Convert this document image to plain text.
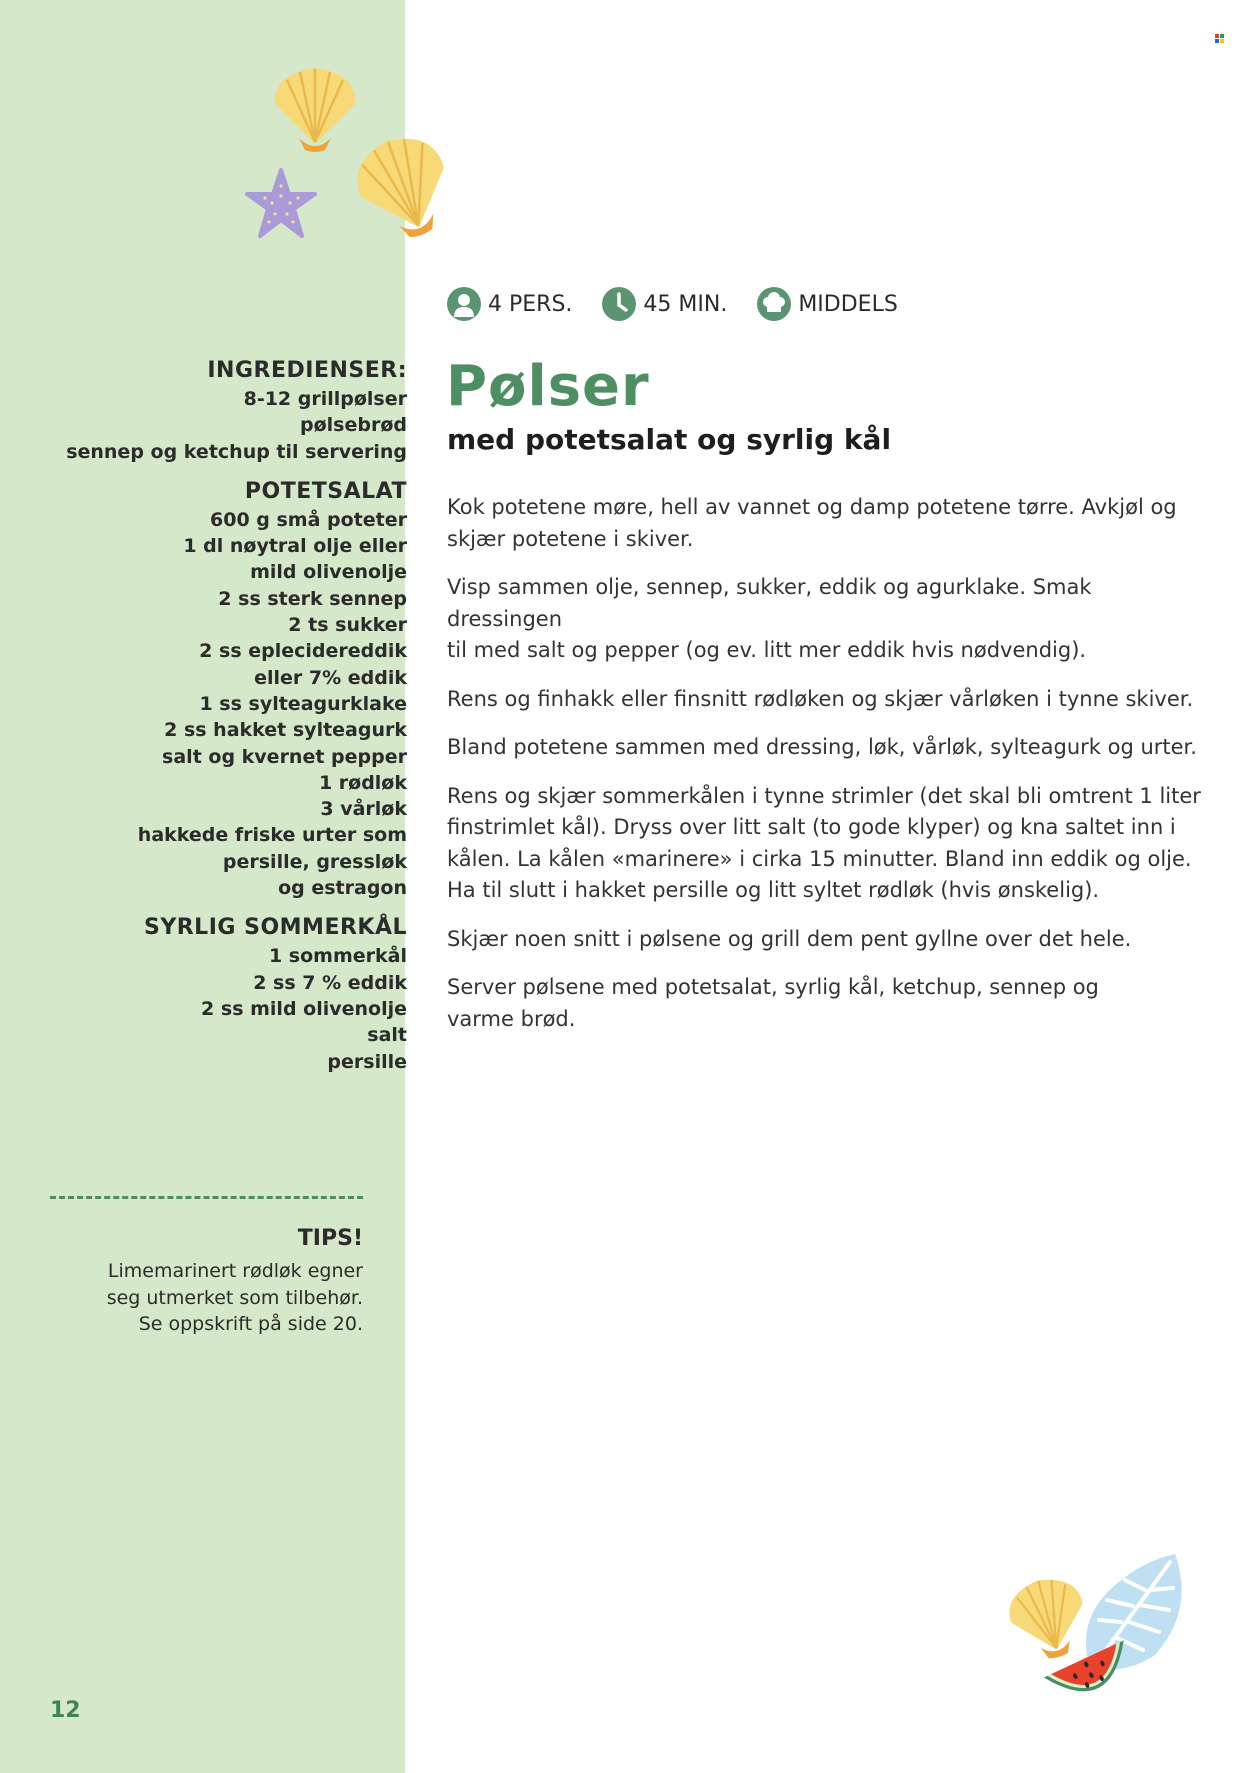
4 PERS.	45 MIN.	MIDDELS
Pølser
med potetsalat og syrlig kål
INGREDIENSER:
8-12 grillpølser
pølsebrød
sennep og ketchup til servering
POTETSALAT
600 g små poteter
1 dl nøytral olje eller
mild olivenolje
2 ss sterk sennep
2 ts sukker
2 ss eplecidereddik
eller 7% eddik
1 ss sylteagurklake
2 ss hakket sylteagurk
salt og kvernet pepper
1 rødløk
3 vårløk
hakkede friske urter som
persille, gressløk
og estragon
SYRLIG SOMMERKÅL
1 sommerkål
2 ss 7 % eddik
2 ss mild olivenolje
salt
persille
TIPS!

Limemarinert rødløk egner
seg utmerket som tilbehør.
Se oppskrift på side 20.

12

Kok potetene møre, hell av vannet og damp potetene tørre. Avkjøl og
skjær potetene i skiver.

Visp sammen olje, sennep, sukker, eddik og agurklake. Smak dressingen
til med salt og pepper (og ev. litt mer eddik hvis nødvendig).

Rens og finhakk eller finsnitt rødløken og skjær vårløken i tynne skiver.

Bland potetene sammen med dressing, løk, vårløk, sylteagurk og urter.

Rens og skjær sommerkålen i tynne strimler (det skal bli omtrent 1 liter
finstrimlet kål). Dryss over litt salt (to gode klyper) og kna saltet inn i
kålen. La kålen «marinere» i cirka 15 minutter. Bland inn eddik og olje.
Ha til slutt i hakket persille og litt syltet rødløk (hvis ønskelig).

Skjær noen snitt i pølsene og grill dem pent gyllne over det hele.

Server pølsene med potetsalat, syrlig kål, ketchup, sennep og
varme brød.
